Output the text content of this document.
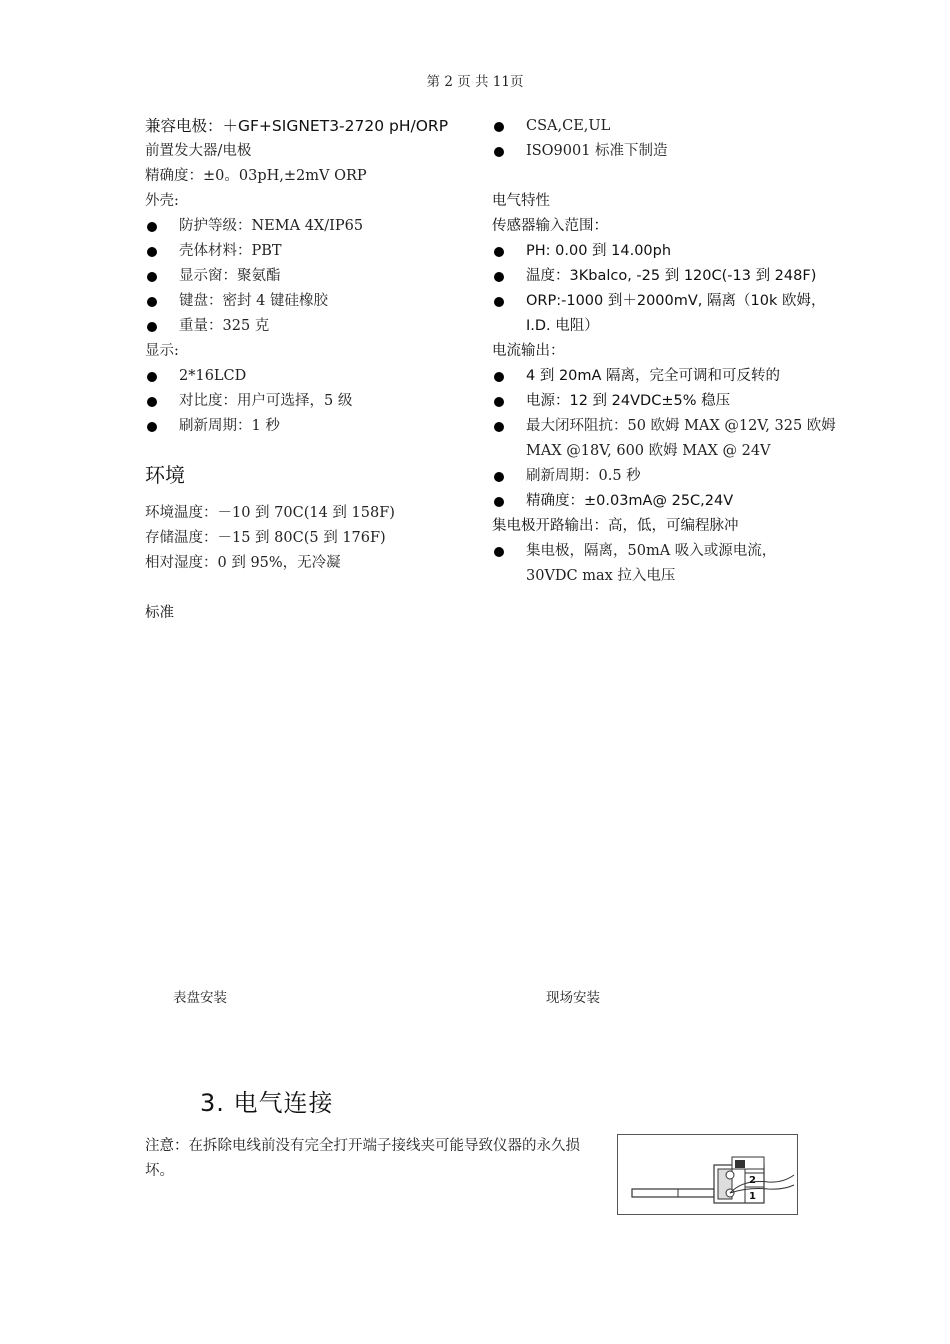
第 2 页 共 11页
兼容电极：＋GF+SIGNET3-2720 pH/ORP
前置发大器/电极
精确度：±0。03pH,±2mV ORP
外壳:
防护等级：NEMA 4X/IP65
壳体材料：PBT
显示窗：聚氨酯
键盘：密封 4 键硅橡胶
重量：325 克
显示:
2*16LCD
对比度：用户可选择，5 级
刷新周期：1 秒
环境
环境温度：－10 到 70C(14 到 158F)
存储温度：－15 到 80C(5 到 176F)
相对湿度：0 到 95%，无冷凝
标准
CSA,CE,UL
ISO9001 标准下制造
电气特性
传感器输入范围：
PH: 0.00 到 14.00ph
温度：3Kbalco, -25 到 120C(-13 到 248F)
ORP:-1000 到＋2000mV, 隔离（10k 欧姆，I.D. 电阻）
电流输出：
4 到 20mA 隔离，完全可调和可反转的
电源：12 到 24VDC±5% 稳压
最大闭环阻抗：50 欧姆 MAX @12V, 325 欧姆 MAX @18V, 600 欧姆 MAX @ 24V
刷新周期：0.5 秒
精确度：±0.03mA@ 25C,24V
集电极开路输出：高，低，可编程脉冲
集电极，隔离，50mA 吸入或源电流，30VDC max 拉入电压
表盘安装	现场安装
3. 电气连接
注意：在拆除电线前没有完全打开端子接线夹可能导致仪器的永久损坏。
2
1
